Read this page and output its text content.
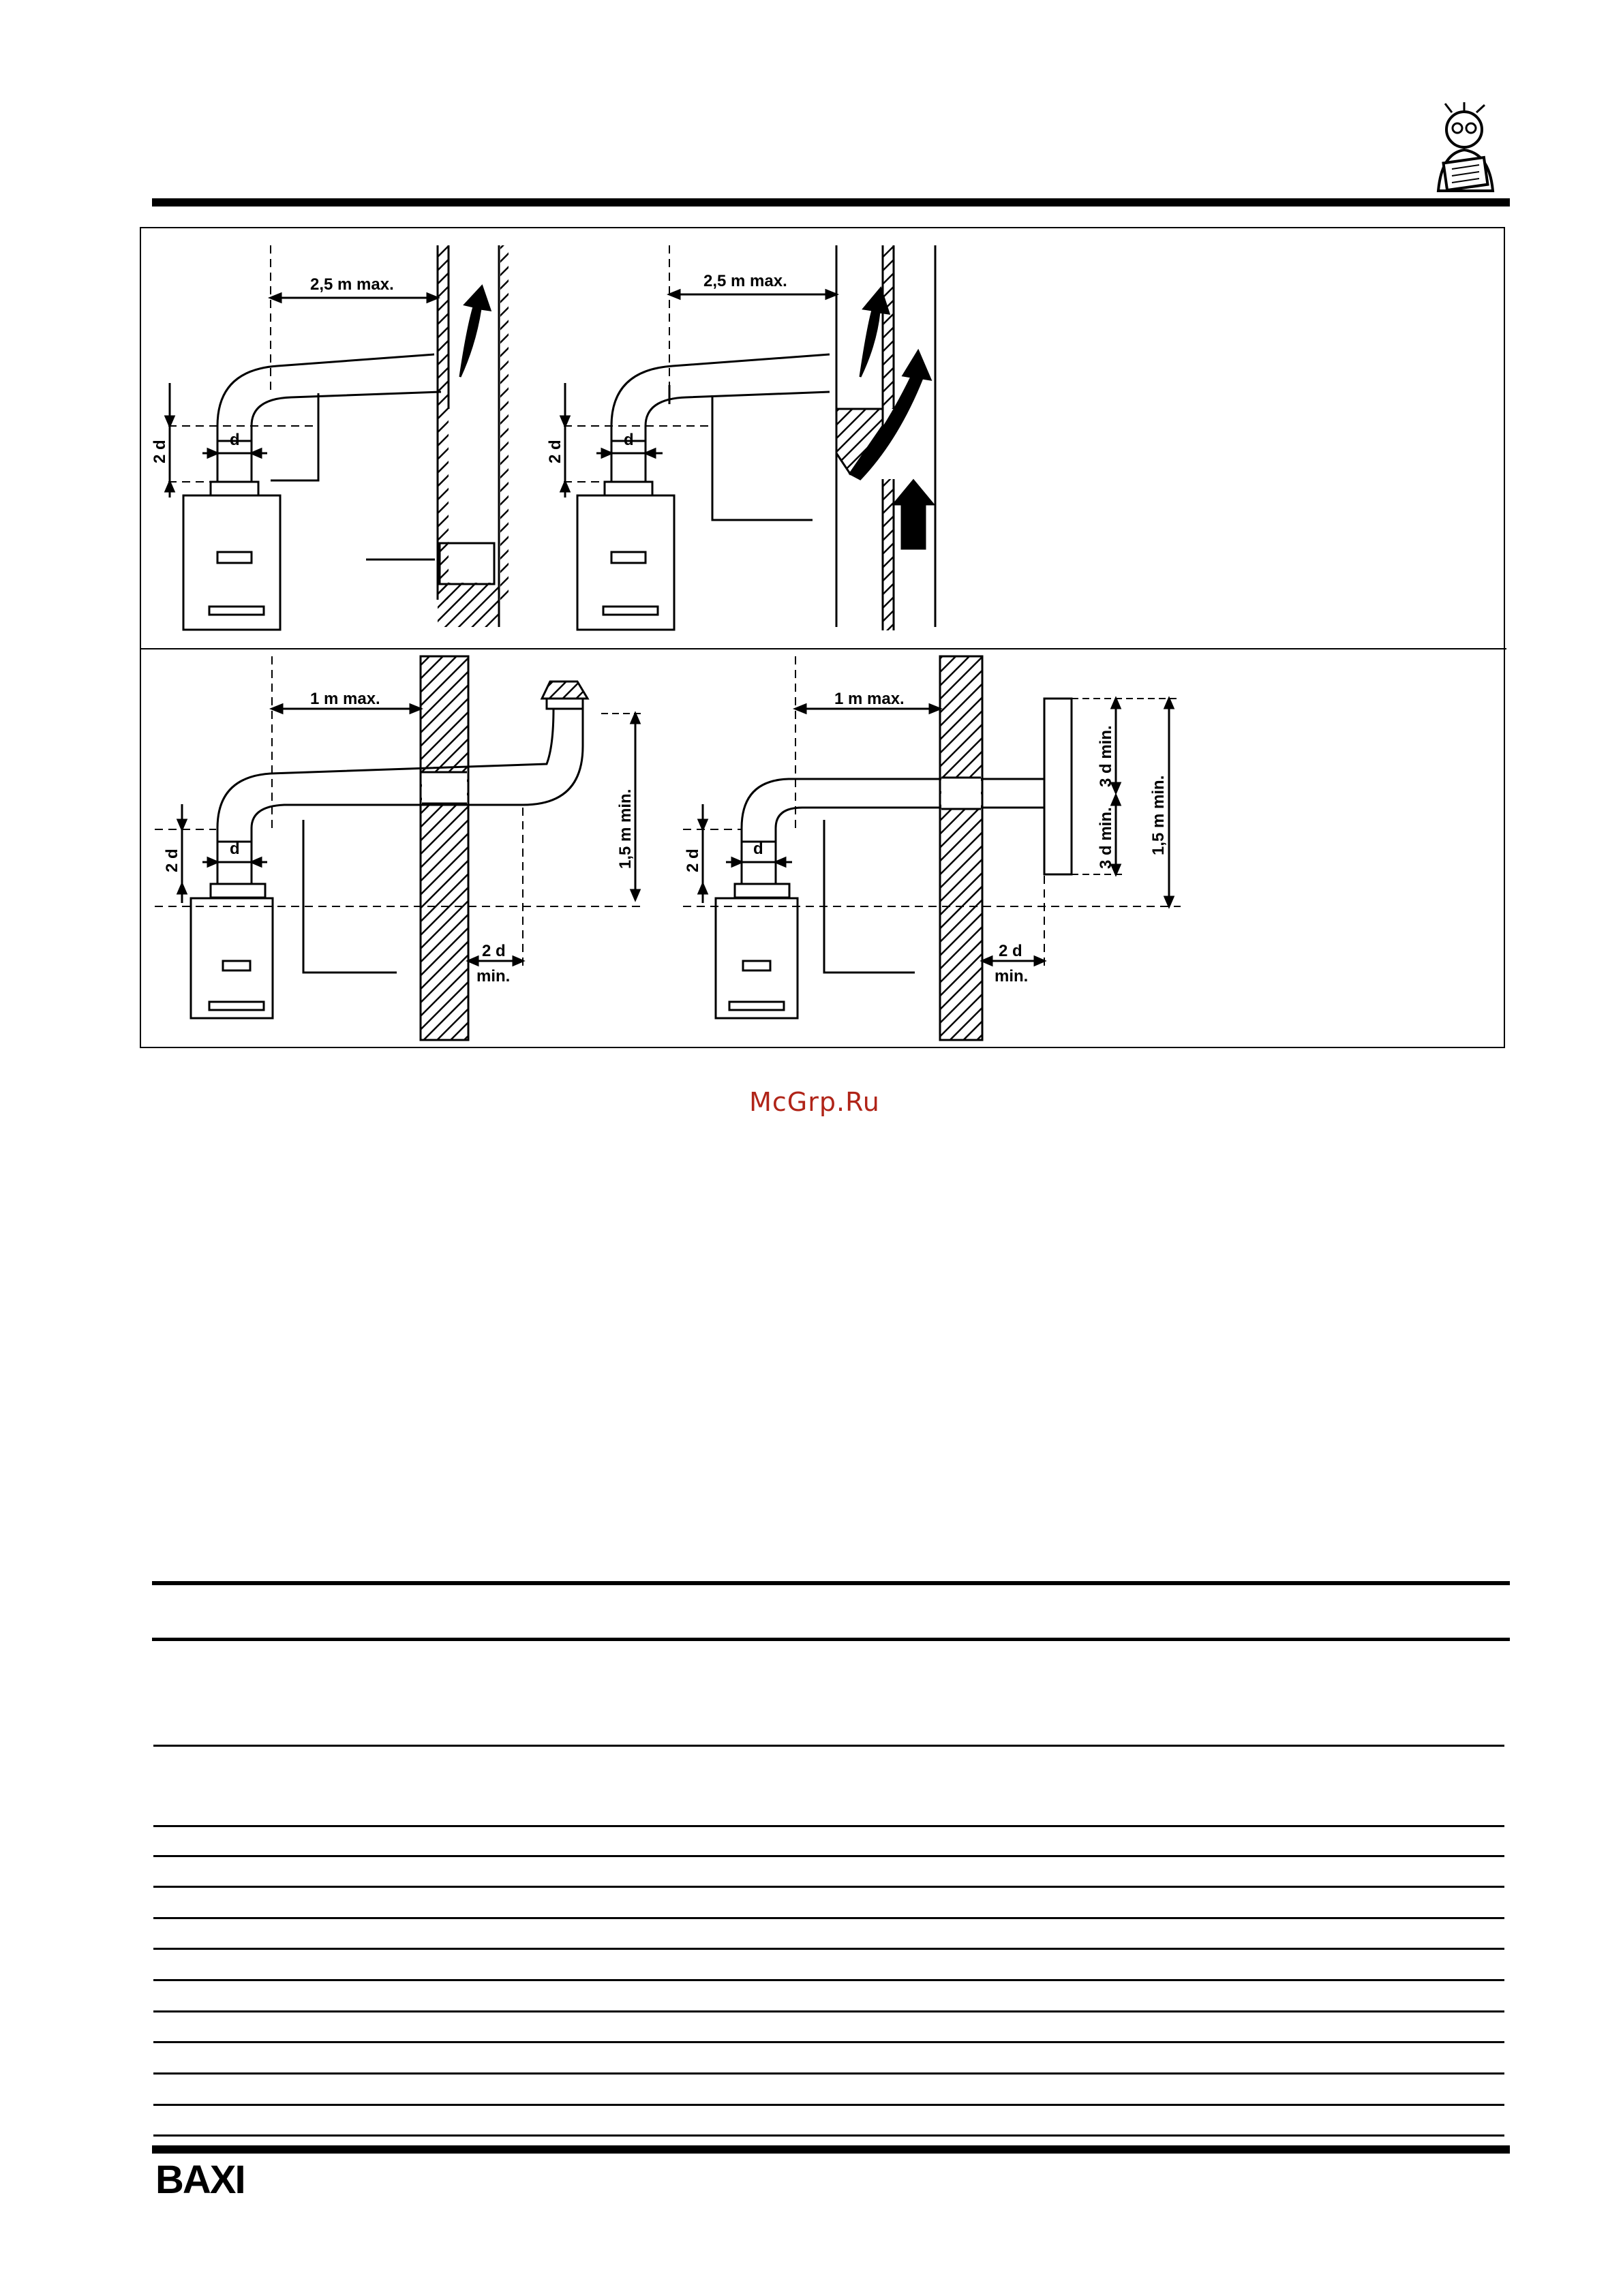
2,5 m max.	2,5 m max.
d	d
2 d	2 d
1 m max.	1 m max.
d	d
2 d	2 d
2 d
min.
2 d
min.
1,5 m min.	1,5 m min.
3 d min.
3 d min.
McGrp.Ru
BAXI
